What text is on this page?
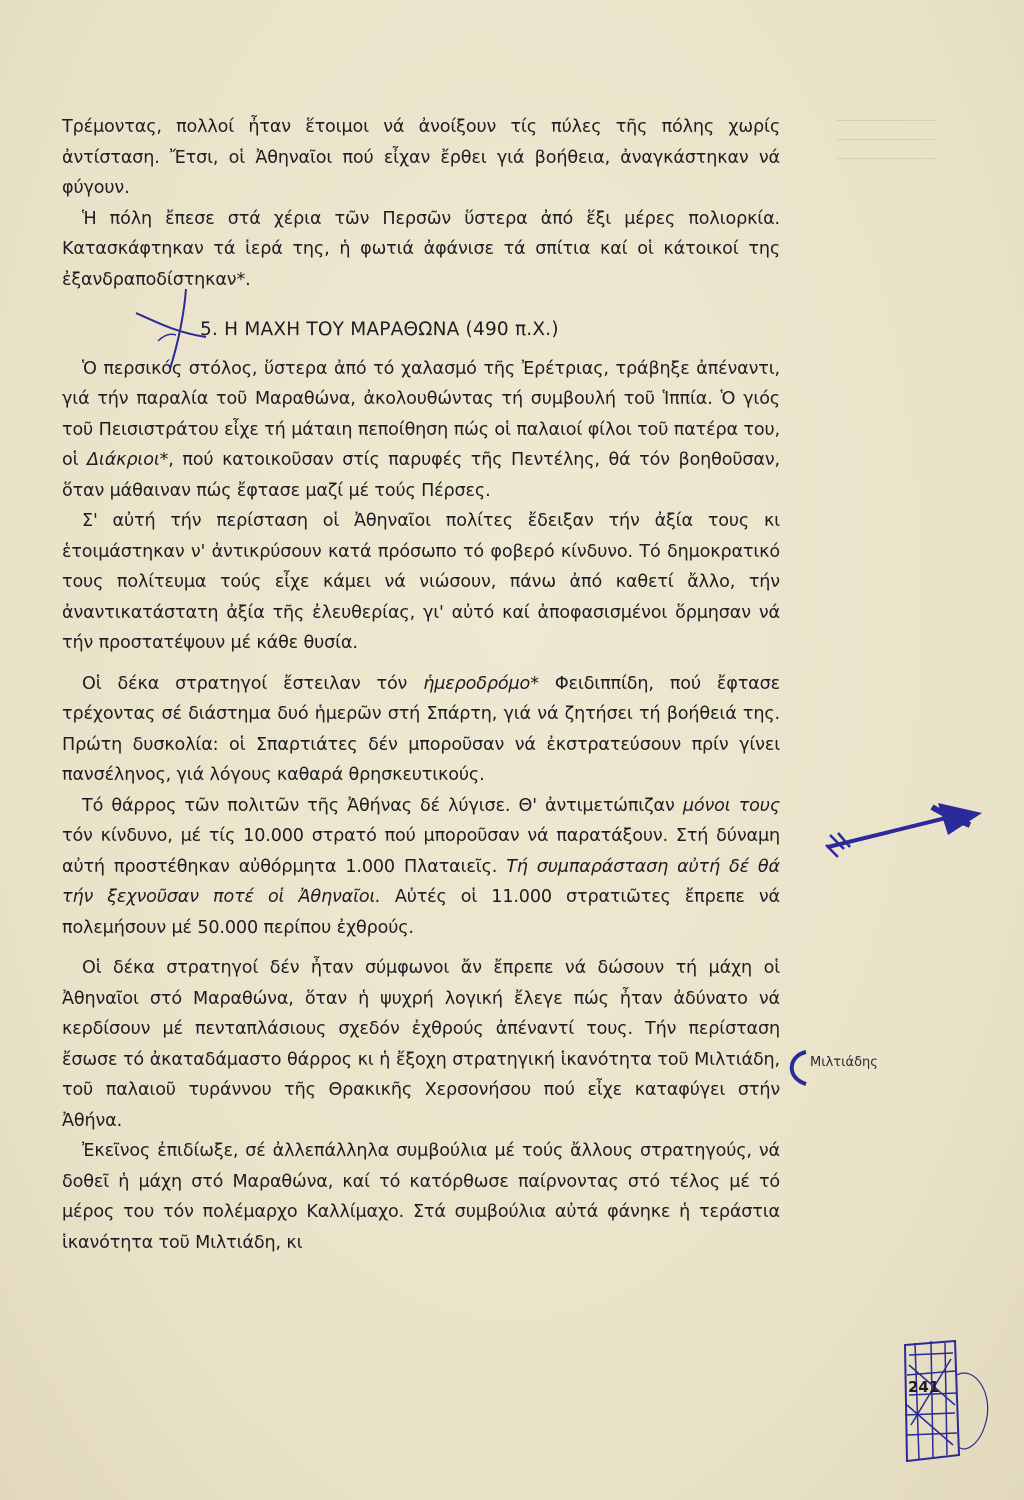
Τρέμοντας, πολλοί ἦταν ἕτοιμοι νά ἀνοίξουν τίς πύλες τῆς πόλης χωρίς ἀντίσταση. Ἔτσι, οἱ Ἀθηναῖοι πού εἶχαν ἔρθει γιά βοήθεια, ἀναγκάστηκαν νά φύγουν.

Ἡ πόλη ἔπεσε στά χέρια τῶν Περσῶν ὕστερα ἀπό ἕξι μέρες πολιορκία. Κατασκάφτηκαν τά ἱερά της, ἡ φωτιά ἀφάνισε τά σπίτια καί οἱ κάτοικοί της ἐξανδραποδίστηκαν*.

5. Η ΜΑΧΗ ΤΟΥ ΜΑΡΑΘΩΝΑ (490 π.Χ.)

Ὁ περσικός στόλος, ὕστερα ἀπό τό χαλασμό τῆς Ἐρέτριας, τράβηξε ἀπέναντι, γιά τήν παραλία τοῦ Μαραθώνα, ἀκολουθώντας τή συμβουλή τοῦ Ἱππία. Ὁ γιός τοῦ Πεισιστράτου εἶχε τή μάταιη πεποίθηση πώς οἱ παλαιοί φίλοι τοῦ πατέρα του, οἱ Διάκριοι*, πού κατοικοῦσαν στίς παρυφές τῆς Πεντέλης, θά τόν βοηθοῦσαν, ὅταν μάθαιναν πώς ἔφτασε μαζί μέ τούς Πέρσες.

Σ' αὐτή τήν περίσταση οἱ Ἀθηναῖοι πολίτες ἔδειξαν τήν ἀξία τους κι ἑτοιμάστηκαν ν' ἀντικρύσουν κατά πρόσωπο τό φοβερό κίνδυνο. Τό δημοκρατικό τους πολίτευμα τούς εἶχε κάμει νά νιώσουν, πάνω ἀπό καθετί ἄλλο, τήν ἀναντικατάστατη ἀξία τῆς ἐλευθερίας, γι' αὐτό καί ἀποφασισμένοι ὅρμησαν νά τήν προστατέψουν μέ κάθε θυσία.

Οἱ δέκα στρατηγοί ἔστειλαν τόν ἡμεροδρόμο* Φειδιππίδη, πού ἔφτασε τρέχοντας σέ διάστημα δυό ἡμερῶν στή Σπάρτη, γιά νά ζητήσει τή βοήθειά της. Πρώτη δυσκολία: οἱ Σπαρτιάτες δέν μποροῦσαν νά ἐκστρατεύσουν πρίν γίνει πανσέληνος, γιά λόγους καθαρά θρησκευτικούς.

Τό θάρρος τῶν πολιτῶν τῆς Ἀθήνας δέ λύγισε. Θ' ἀντιμετώπιζαν μόνοι τους τόν κίνδυνο, μέ τίς 10.000 στρατό πού μποροῦσαν νά παρατάξουν. Στή δύναμη αὐτή προστέθηκαν αὐθόρμητα 1.000 Πλαταιεῖς. Τή συμπαράσταση αὐτή δέ θά τήν ξεχνοῦσαν ποτέ οἱ Ἀθηναῖοι. Αὐτές οἱ 11.000 στρατιῶτες ἔπρεπε νά πολεμήσουν μέ 50.000 περίπου ἐχθρούς.

Οἱ δέκα στρατηγοί δέν ἦταν σύμφωνοι ἄν ἔπρεπε νά δώσουν τή μάχη οἱ Ἀθηναῖοι στό Μαραθώνα, ὅταν ἡ ψυχρή λογική ἔλεγε πώς ἦταν ἀδύνατο νά κερδίσουν μέ πενταπλάσιους σχεδόν ἐχθρούς ἀπέναντί τους. Τήν περίσταση ἔσωσε τό ἀκαταδάμαστο θάρρος κι ἡ ἔξοχη στρατηγική ἱκανότητα τοῦ Μιλτιάδη, τοῦ παλαιοῦ τυράννου τῆς Θρακικῆς Χερσονήσου πού εἶχε καταφύγει στήν Ἀθήνα.

Ἐκεῖνος ἐπιδίωξε, σέ ἀλλεπάλληλα συμβούλια μέ τούς ἄλλους στρατηγούς, νά δοθεῖ ἡ μάχη στό Μαραθώνα, καί τό κατόρθωσε παίρνοντας στό τέλος μέ τό μέρος του τόν πολέμαρχο Καλλίμαχο. Στά συμβούλια αὐτά φάνηκε ἡ τεράστια ἱκανότητα τοῦ Μιλτιάδη, κι

Μιλτιάδης
241
